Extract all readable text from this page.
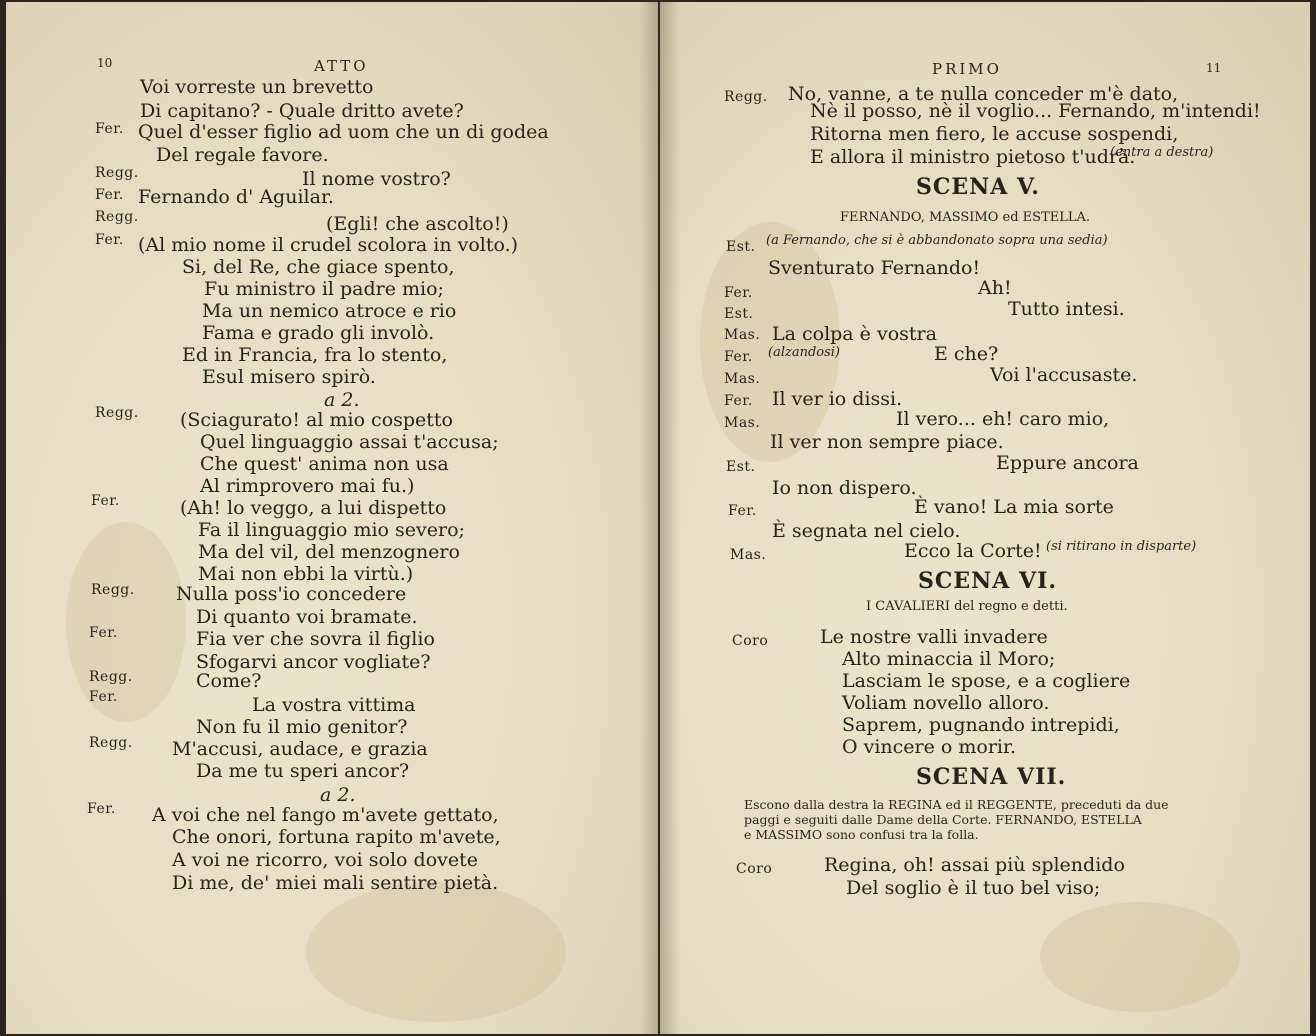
10	ATTO
Voi vorreste un brevetto
Di capitano? - Quale dritto avete?
Fer. Quel d'esser figlio ad uom che un di godea
Del regale favore.
Regg.	Il nome vostro?
Fer. Fernando d' Aguilar.
Regg.	(Egli! che ascolto!)
Fer. (Al mio nome il crudel scolora in volto.)
Si, del Re, che giace spento,
Fu ministro il padre mio;
Ma un nemico atroce e rio
Fama e grado gli involò.
Ed in Francia, fra lo stento,
Esul misero spirò.
a 2.
Regg. (Sciagurato! al mio cospetto
Quel linguaggio assai t'accusa;
Che quest' anima non usa
Al rimprovero mai fu.)
Fer.	(Ah! lo veggo, a lui dispetto
Fa il linguaggio mio severo;
Ma del vil, del menzognero
Mai non ebbi la virtù.)
Regg. Nulla poss'io concedere
Di quanto voi bramate.
Fer.	Fia ver che sovra il figlio
Sfogarvi ancor vogliate?
Regg.	Come?
Fer.	La vostra vittima
Non fu il mio genitor?
Regg. M'accusi, audace, e grazia
Da me tu speri ancor?
a 2.
Fer. A voi che nel fango m'avete gettato,
Che onori, fortuna rapito m'avete,
A voi ne ricorro, voi solo dovete
Di me, de' miei mali sentire pietà.
PRIMO	11
Regg. No, vanne, a te nulla conceder m'è dato,
Nè il posso, nè il voglio... Fernando, m'intendi!
Ritorna men fiero, le accuse sospendi,
E allora il ministro pietoso t'udrà.
(entra a destra)
SCENA V.
FERNANDO, MASSIMO ed ESTELLA.
Est. (a Fernando, che si è abbandonato sopra una sedia)
Sventurato Fernando!
Fer.	Ah!
Est.	Tutto intesi.
Mas. La colpa è vostra
Fer. (alzandosi)	E che?
Mas.	Voi l'accusaste.
Fer. Il ver io dissi.
Mas.	Il vero... eh! caro mio,
Il ver non sempre piace.
Est.	Eppure ancora
Io non dispero.
Fer.	È vano! La mia sorte
È segnata nel cielo.
Mas.	Ecco la Corte! (si ritirano in disparte)
SCENA VI.
I CAVALIERI del regno e detti.
Coro	Le nostre valli invadere
Alto minaccia il Moro;
Lasciam le spose, e a cogliere
Voliam novello alloro.
Saprem, pugnando intrepidi,
O vincere o morir.
SCENA VII.
Escono dalla destra la REGINA ed il REGGENTE, preceduti da due
paggi e seguiti dalle Dame della Corte. FERNANDO, ESTELLA
e MASSIMO sono confusi tra la folla.
Coro	Regina, oh! assai più splendido
Del soglio è il tuo bel viso;
